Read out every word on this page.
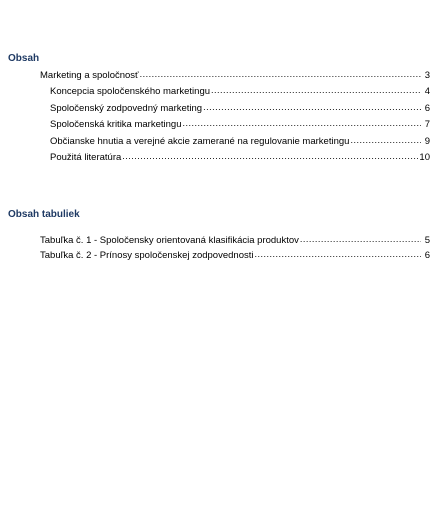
Obsah
Marketing a spoločnosť .....	3
Koncepcia spoločenského marketingu .....	4
Spoločenský zodpovedný marketing .....	6
Spoločenská kritika marketingu .....	7
Občianske hnutia a verejné akcie zamerané na regulovanie marketingu .....	9
Použitá literatúra .....	10
Obsah tabuliek
Tabuľka č. 1 - Spoločensky orientovaná klasifikácia produktov .....	5
Tabuľka č. 2 - Prínosy spoločenskej zodpovednosti .....	6
